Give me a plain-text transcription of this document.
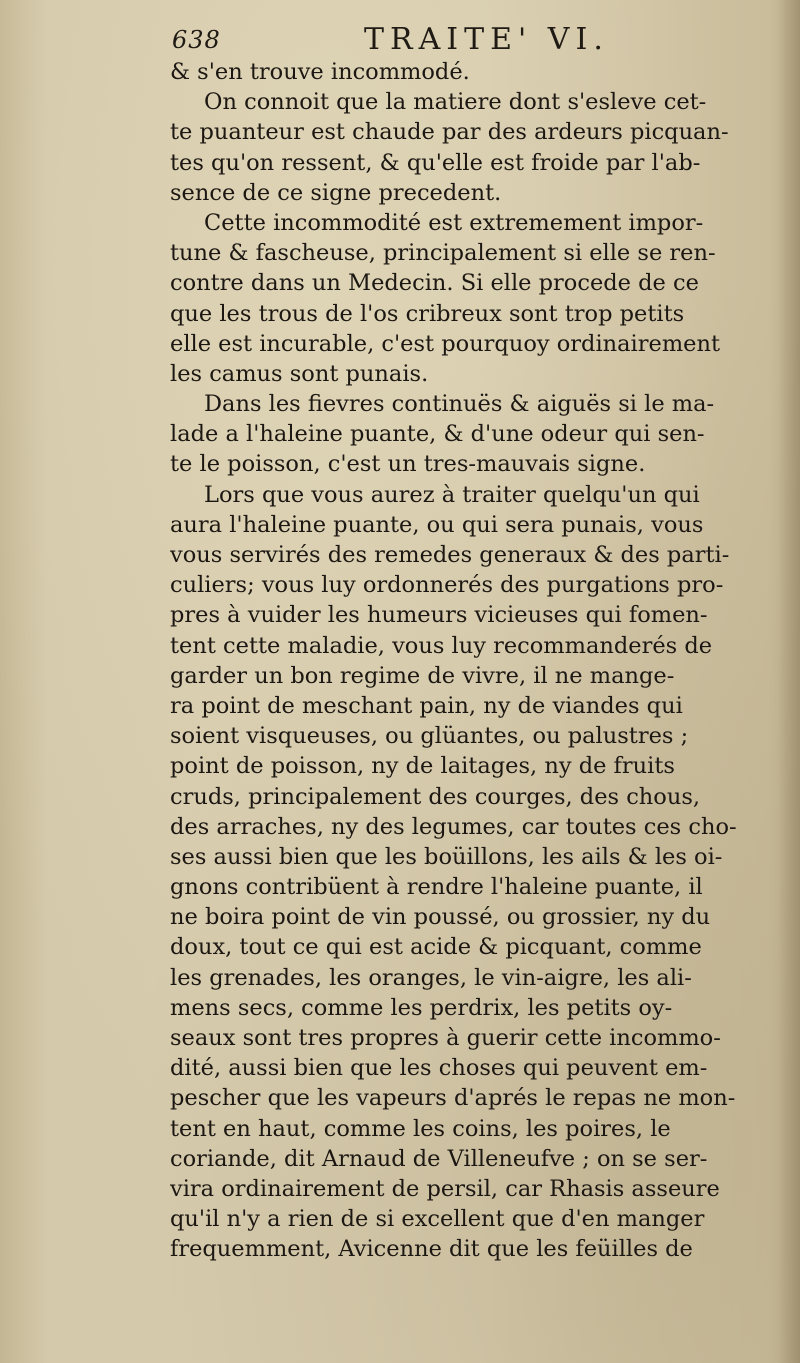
638	TRAITE' VI.
& s'en trouve incommodé.
On connoit que la matiere dont s'esleve cet-
te puanteur est chaude par des ardeurs picquan-
tes qu'on ressent, & qu'elle est froide par l'ab-
sence de ce signe precedent.
Cette incommodité est extremement impor-
tune & fascheuse, principalement si elle se ren-
contre dans un Medecin. Si elle procede de ce
que les trous de l'os cribreux sont trop petits
elle est incurable, c'est pourquoy ordinairement
les camus sont punais.
Dans les fievres continuës & aiguës si le ma-
lade a l'haleine puante, & d'une odeur qui sen-
te le poisson, c'est un tres-mauvais signe.
Lors que vous aurez à traiter quelqu'un qui
aura l'haleine puante, ou qui sera punais, vous
vous servirés des remedes generaux & des parti-
culiers; vous luy ordonnerés des purgations pro-
pres à vuider les humeurs vicieuses qui fomen-
tent cette maladie, vous luy recommanderés de
garder un bon regime de vivre, il ne mange-
ra point de meschant pain, ny de viandes qui
soient visqueuses, ou glüantes, ou palustres ;
point de poisson, ny de laitages, ny de fruits
cruds, principalement des courges, des chous,
des arraches, ny des legumes, car toutes ces cho-
ses aussi bien que les boüillons, les ails & les oi-
gnons contribüent à rendre l'haleine puante, il
ne boira point de vin poussé, ou grossier, ny du
doux, tout ce qui est acide & picquant, comme
les grenades, les oranges, le vin-aigre, les ali-
mens secs, comme les perdrix, les petits oy-
seaux sont tres propres à guerir cette incommo-
dité, aussi bien que les choses qui peuvent em-
pescher que les vapeurs d'aprés le repas ne mon-
tent en haut, comme les coins, les poires, le
coriande, dit Arnaud de Villeneufve ; on se ser-
vira ordinairement de persil, car Rhasis asseure
qu'il n'y a rien de si excellent que d'en manger
frequemment, Avicenne dit que les feüilles de
